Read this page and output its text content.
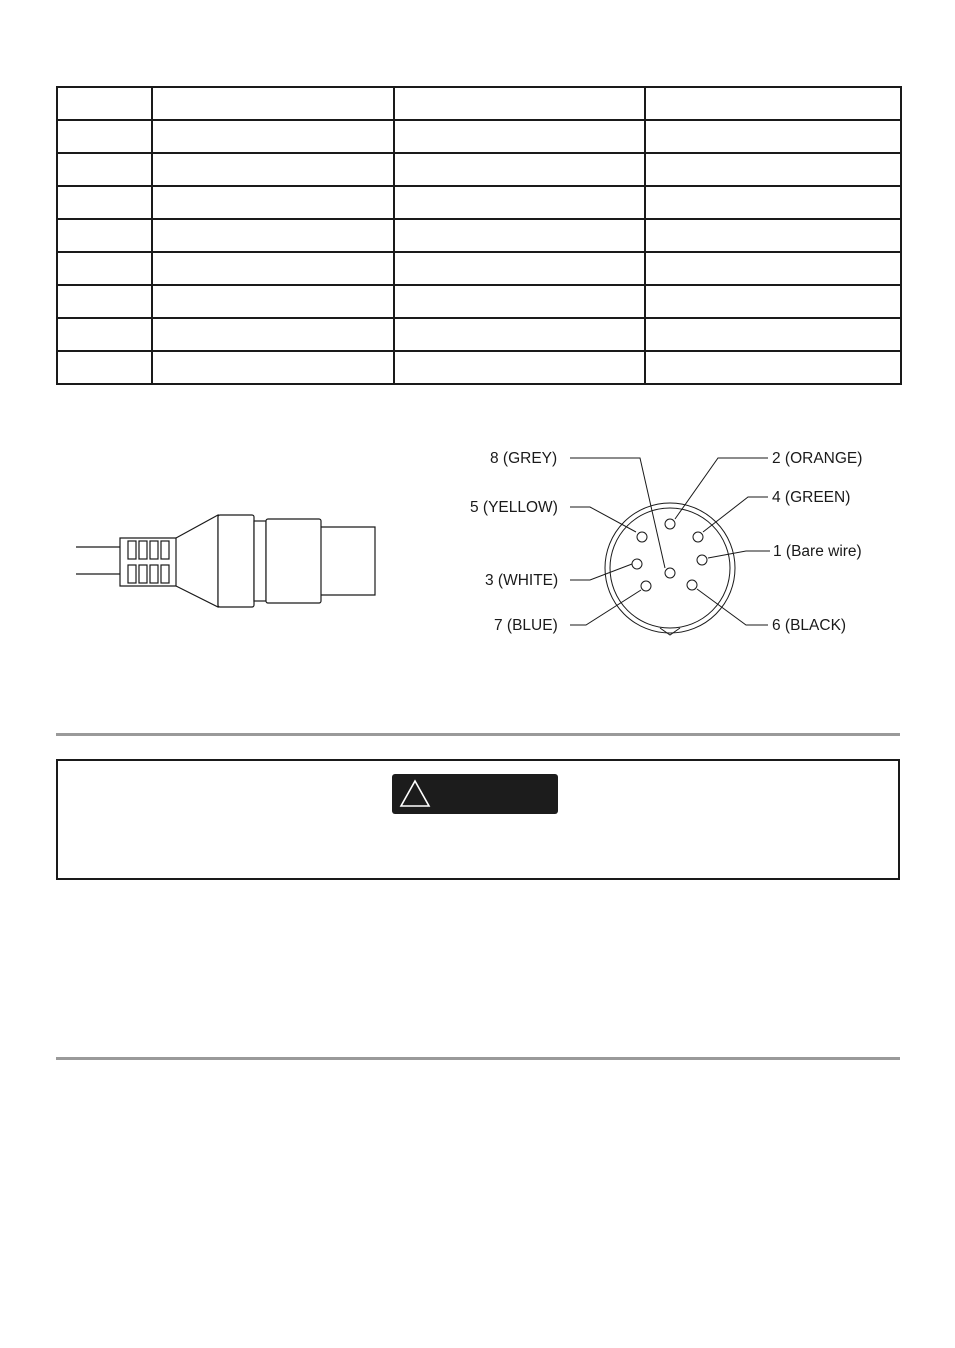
8 (GREY)	2 (ORANGE)
5 (YELLOW)
4 (GREEN)
1 (Bare wire)
3 (WHITE)
7 (BLUE)	6 (BLACK)
